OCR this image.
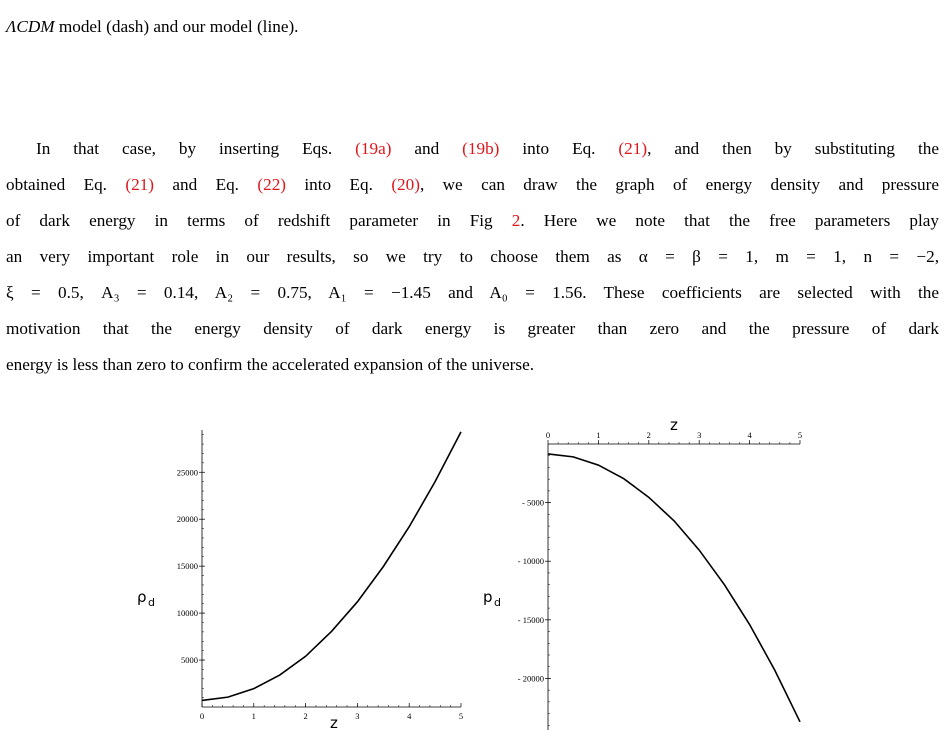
ΛCDM model (dash) and our model (line).
In that case, by inserting Eqs. (19a) and (19b) into Eq. (21), and then by substituting the
obtained Eq. (21) and Eq. (22) into Eq. (20), we can draw the graph of energy density and pressure
of dark energy in terms of redshift parameter in Fig 2. Here we note that the free parameters play
an very important role in our results, so we try to choose them as α = β = 1, m = 1, n = −2,
ξ = 0.5, A₃ = 0.14, A₂ = 0.75, A₁ = −1.45 and A₀ = 1.56. These coefficients are selected with the
motivation that the energy density of dark energy is greater than zero and the pressure of dark
energy is less than zero to confirm the accelerated expansion of the universe.
ρ d
z
5000
10000
15000
20000
25000
0	1	2	3	4	5
p d
z
- 5000
- 10000
- 15000
- 20000
0	1	2	3	4	5
